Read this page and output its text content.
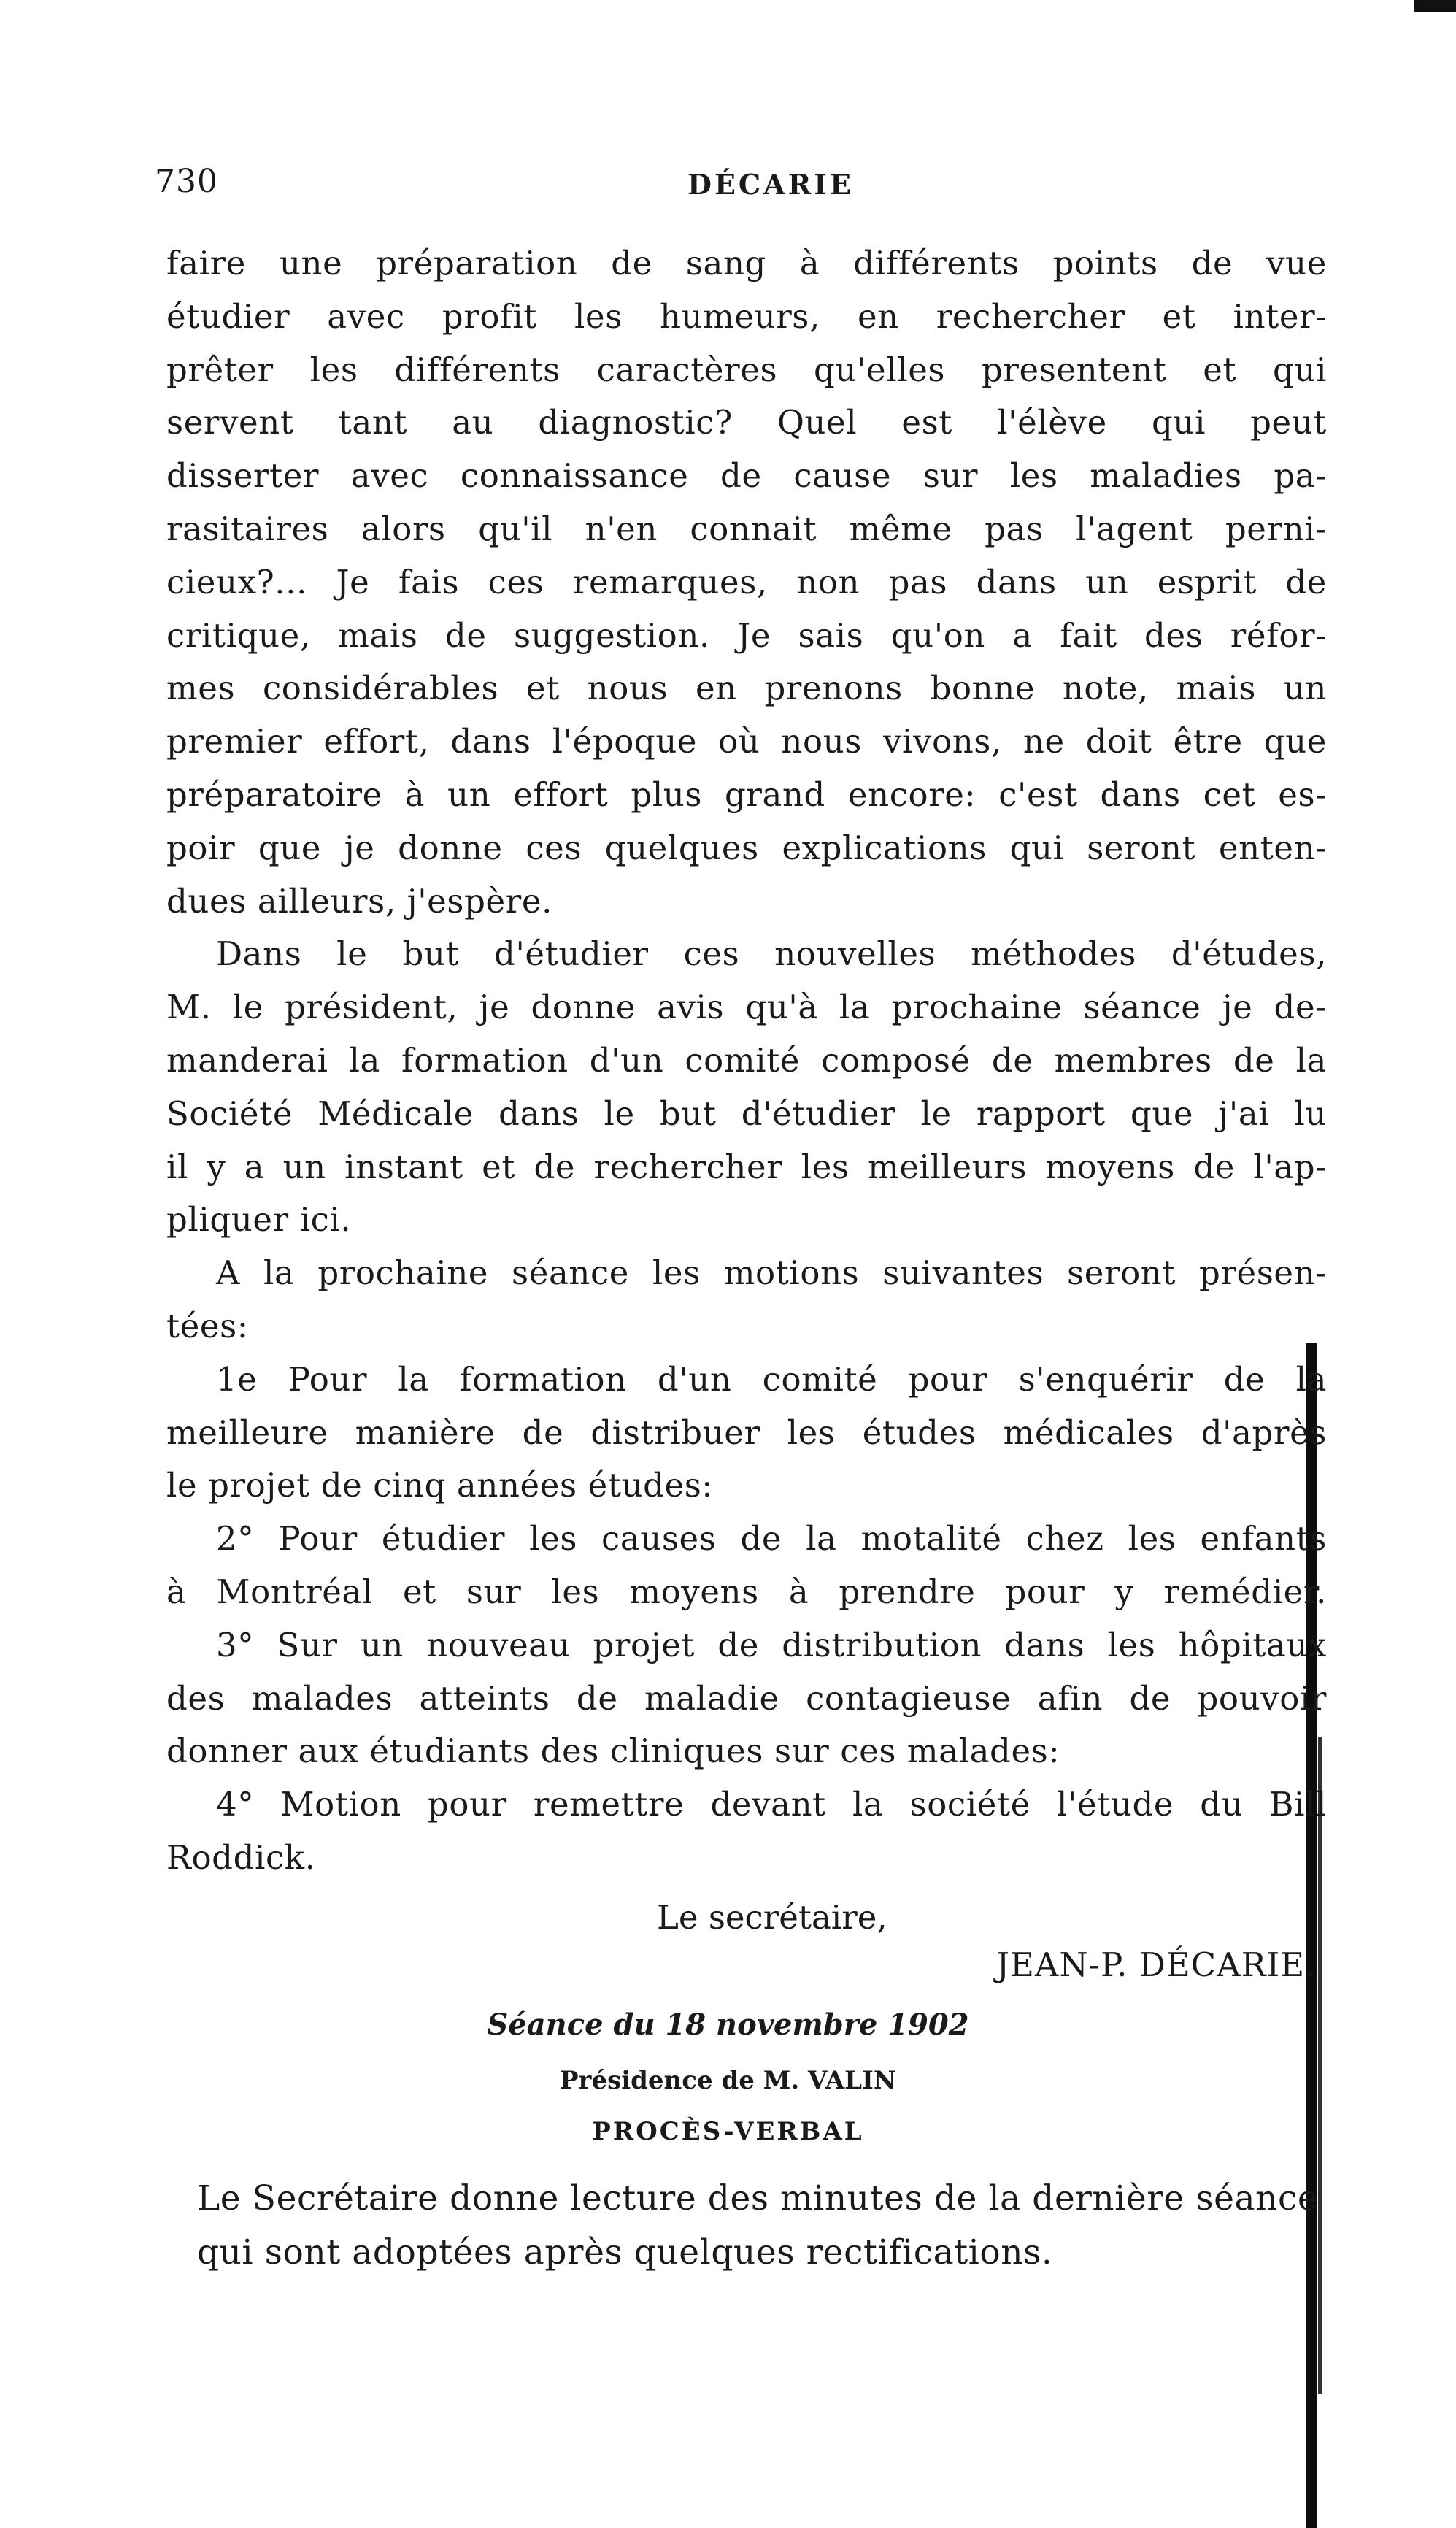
730	DÉCARIE

faire une préparation de sang à différents points de vue

étudier avec profit les humeurs, en rechercher et inter-

prêter les différents caractères qu'elles presentent et qui

servent tant au diagnostic? Quel est l'élève qui peut

disserter avec connaissance de cause sur les maladies pa-

rasitaires alors qu'il n'en connait même pas l'agent perni-

cieux?... Je fais ces remarques, non pas dans un esprit de

critique, mais de suggestion. Je sais qu'on a fait des réfor-

mes considérables et nous en prenons bonne note, mais un

premier effort, dans l'époque où nous vivons, ne doit être que

préparatoire à un effort plus grand encore: c'est dans cet es-

poir que je donne ces quelques explications qui seront enten-

dues ailleurs, j'espère.

Dans le but d'étudier ces nouvelles méthodes d'études,

M. le président, je donne avis qu'à la prochaine séance je de-

manderai la formation d'un comité composé de membres de la

Société Médicale dans le but d'étudier le rapport que j'ai lu

il y a un instant et de rechercher les meilleurs moyens de l'ap-

pliquer ici.

A la prochaine séance les motions suivantes seront présen-

tées:

1e Pour la formation d'un comité pour s'enquérir de la

meilleure manière de distribuer les études médicales d'après

le projet de cinq années études:

2° Pour étudier les causes de la motalité chez les enfants

à Montréal et sur les moyens à prendre pour y remédier.

3° Sur un nouveau projet de distribution dans les hôpitaux

des malades atteints de maladie contagieuse afin de pouvoir

donner aux étudiants des cliniques sur ces malades:

4° Motion pour remettre devant la société l'étude du Bill

Roddick.

Le secrétaire,
JEAN-P. DÉCARIE.
Séance du 18 novembre 1902
Présidence de M. VALIN
PROCÈS-VERBAL

Le Secrétaire donne lecture des minutes de la dernière séance

qui sont adoptées après quelques rectifications.
